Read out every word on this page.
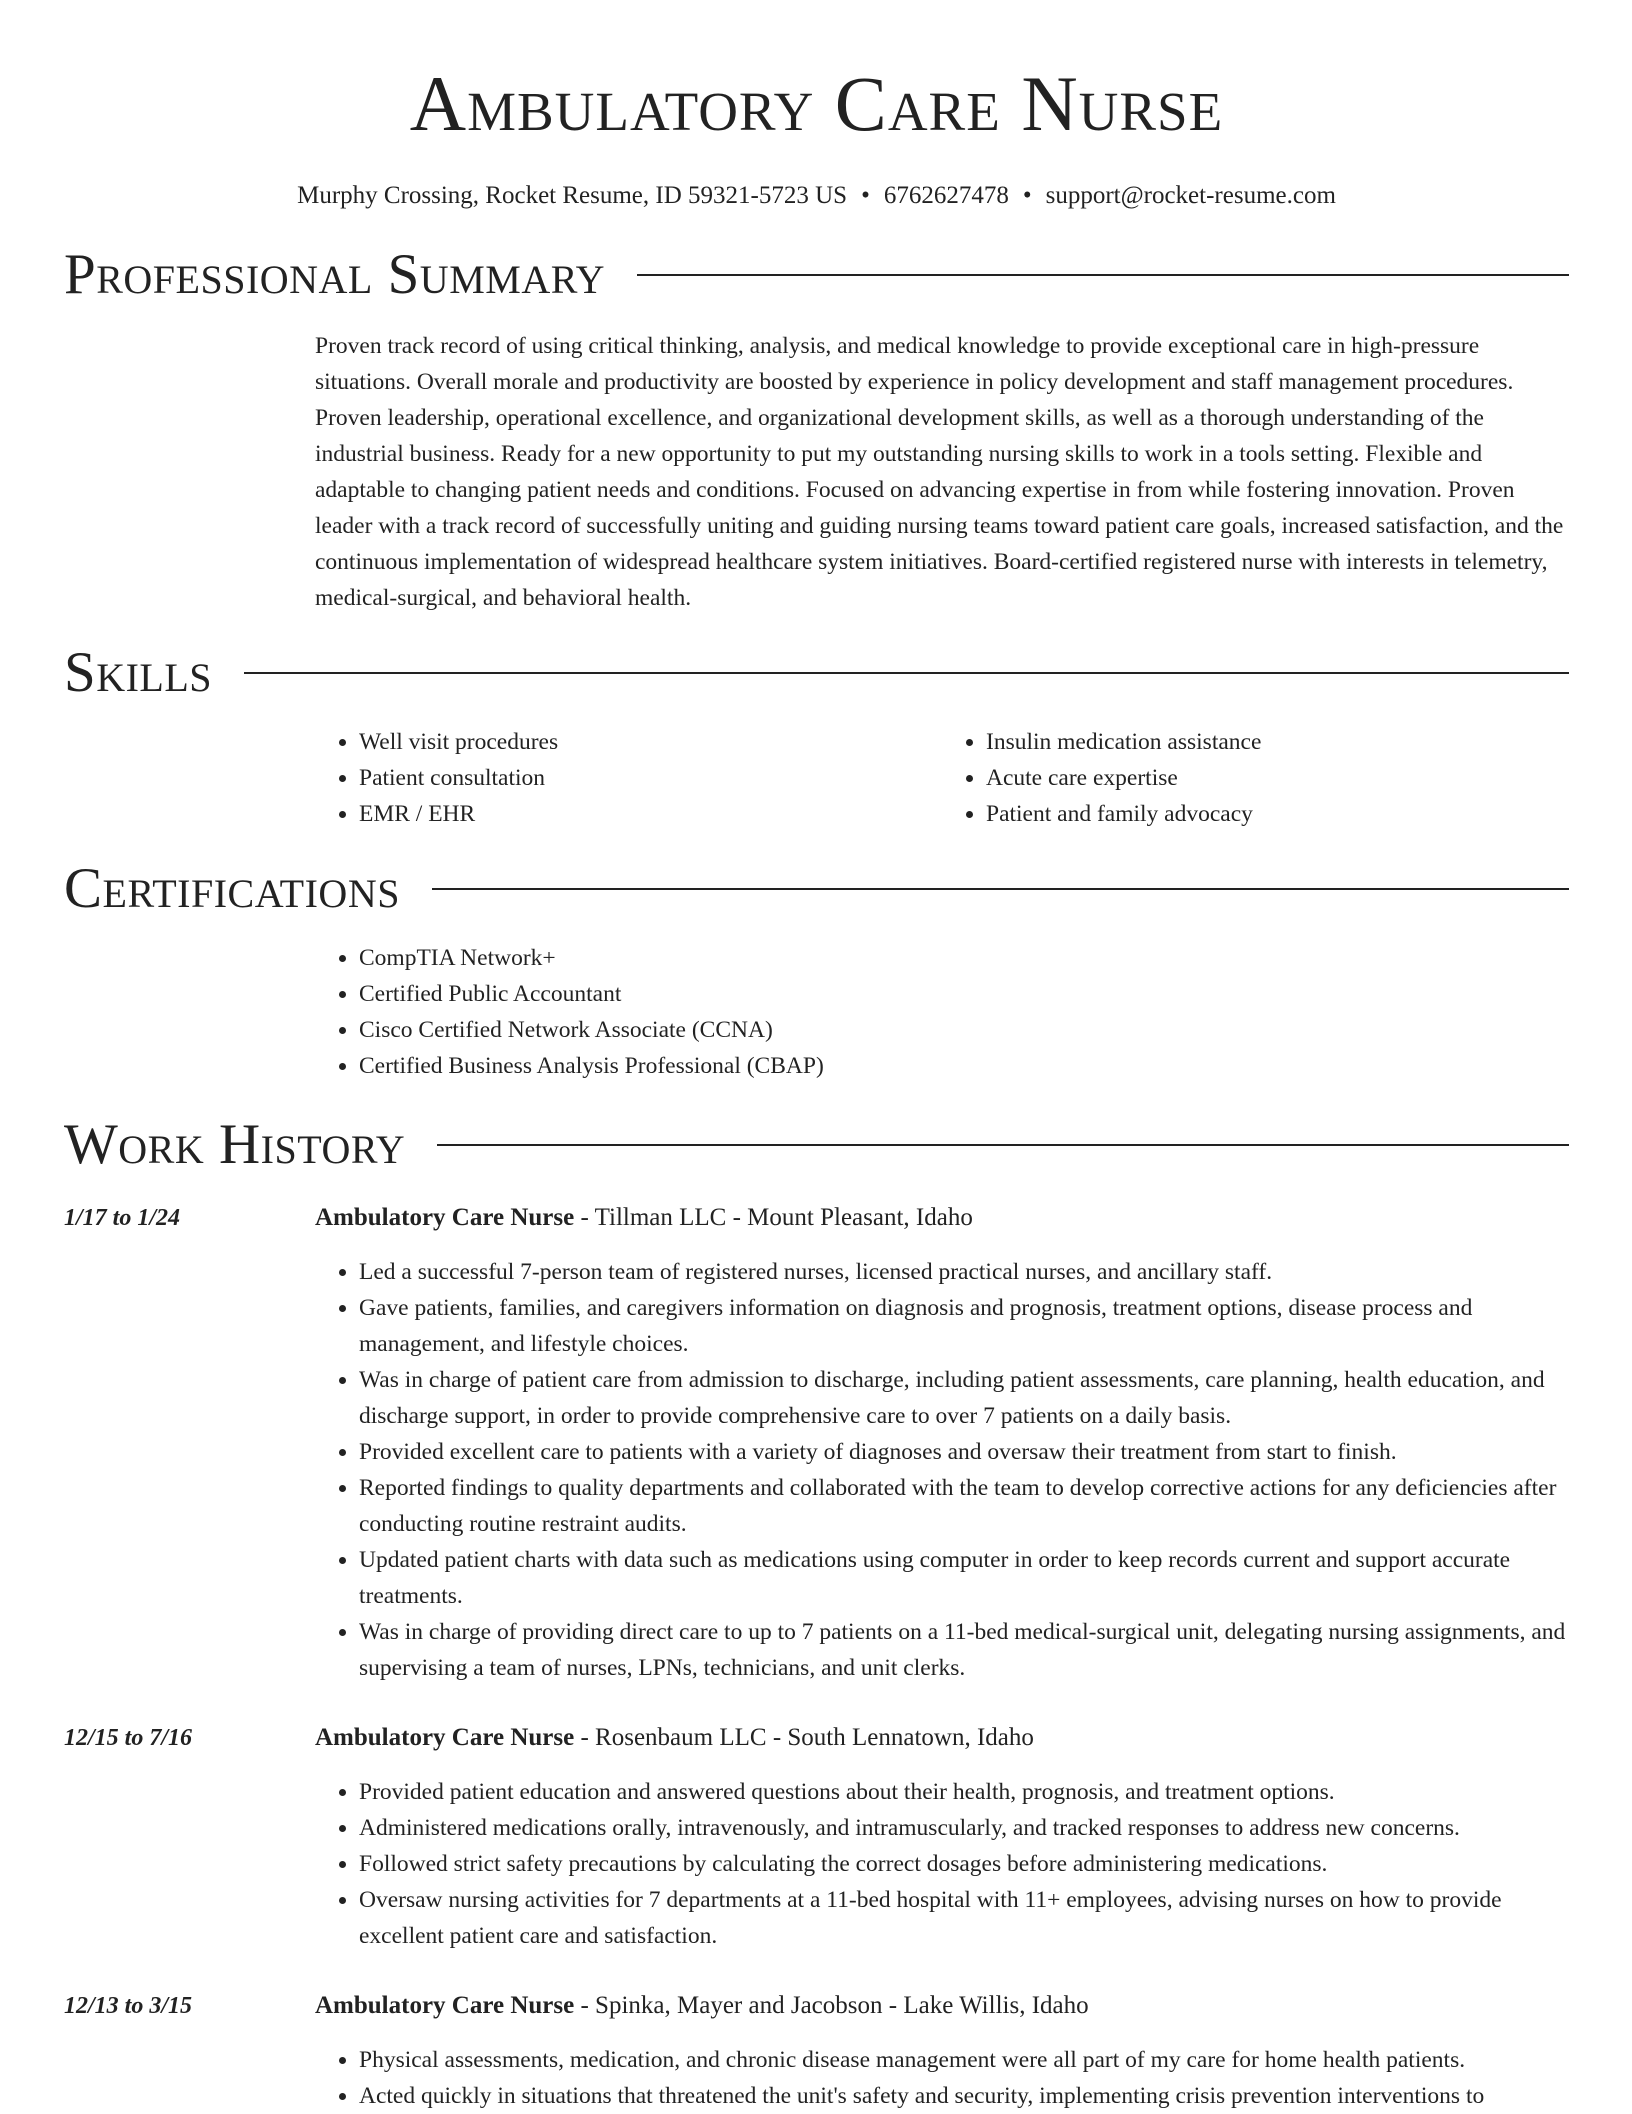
Ambulatory Care Nurse
Murphy Crossing, Rocket Resume, ID 59321-5723 US • 6762627478 • support@rocket-resume.com
Professional Summary
Proven track record of using critical thinking, analysis, and medical knowledge to provide exceptional care in high-pressure situations. Overall morale and productivity are boosted by experience in policy development and staff management procedures. Proven leadership, operational excellence, and organizational development skills, as well as a thorough understanding of the industrial business. Ready for a new opportunity to put my outstanding nursing skills to work in a tools setting. Flexible and adaptable to changing patient needs and conditions. Focused on advancing expertise in from while fostering innovation. Proven leader with a track record of successfully uniting and guiding nursing teams toward patient care goals, increased satisfaction, and the continuous implementation of widespread healthcare system initiatives. Board-certified registered nurse with interests in telemetry, medical-surgical, and behavioral health.
Skills
• Well visit procedures
• Patient consultation
• EMR / EHR
• Insulin medication assistance
• Acute care expertise
• Patient and family advocacy
Certifications
• CompTIA Network+
• Certified Public Accountant
• Cisco Certified Network Associate (CCNA)
• Certified Business Analysis Professional (CBAP)
Work History
1/17 to 1/24	Ambulatory Care Nurse - Tillman LLC - Mount Pleasant, Idaho
• Led a successful 7-person team of registered nurses, licensed practical nurses, and ancillary staff.
• Gave patients, families, and caregivers information on diagnosis and prognosis, treatment options, disease process and management, and lifestyle choices.
• Was in charge of patient care from admission to discharge, including patient assessments, care planning, health education, and discharge support, in order to provide comprehensive care to over 7 patients on a daily basis.
• Provided excellent care to patients with a variety of diagnoses and oversaw their treatment from start to finish.
• Reported findings to quality departments and collaborated with the team to develop corrective actions for any deficiencies after conducting routine restraint audits.
• Updated patient charts with data such as medications using computer in order to keep records current and support accurate treatments.
• Was in charge of providing direct care to up to 7 patients on a 11-bed medical-surgical unit, delegating nursing assignments, and supervising a team of nurses, LPNs, technicians, and unit clerks.
12/15 to 7/16	Ambulatory Care Nurse - Rosenbaum LLC - South Lennatown, Idaho
• Provided patient education and answered questions about their health, prognosis, and treatment options.
• Administered medications orally, intravenously, and intramuscularly, and tracked responses to address new concerns.
• Followed strict safety precautions by calculating the correct dosages before administering medications.
• Oversaw nursing activities for 7 departments at a 11-bed hospital with 11+ employees, advising nurses on how to provide excellent patient care and satisfaction.
12/13 to 3/15	Ambulatory Care Nurse - Spinka, Mayer and Jacobson - Lake Willis, Idaho
• Physical assessments, medication, and chronic disease management were all part of my care for home health patients.
• Acted quickly in situations that threatened the unit's safety and security, implementing crisis prevention interventions to
